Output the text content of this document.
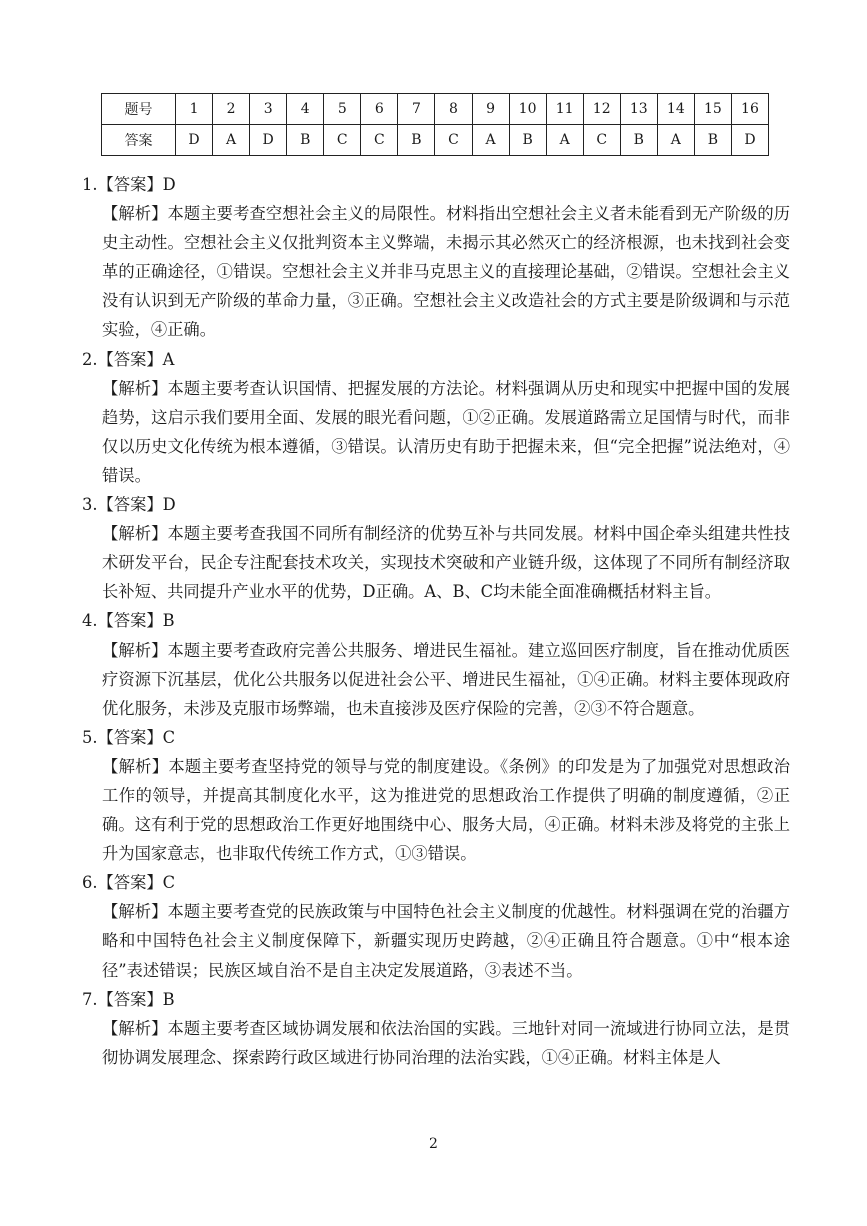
题号	1	2	3	4	5	6	7	8	9	10	11	12	13	14	15	16
答案	D	A	D	B	C	C	B	C	A	B	A	C	B	A	B	D

1.【答案】D

【解析】本题主要考查空想社会主义的局限性。材料指出空想社会主义者未能看到无产阶级的历史主动性。空想社会主义仅批判资本主义弊端，未揭示其必然灭亡的经济根源，也未找到社会变革的正确途径，①错误。空想社会主义并非马克思主义的直接理论基础，②错误。空想社会主义没有认识到无产阶级的革命力量，③正确。空想社会主义改造社会的方式主要是阶级调和与示范实验，④正确。

2.【答案】A

【解析】本题主要考查认识国情、把握发展的方法论。材料强调从历史和现实中把握中国的发展趋势，这启示我们要用全面、发展的眼光看问题，①②正确。发展道路需立足国情与时代，而非仅以历史文化传统为根本遵循，③错误。认清历史有助于把握未来，但“完全把握”说法绝对，④错误。

3.【答案】D

【解析】本题主要考查我国不同所有制经济的优势互补与共同发展。材料中国企牵头组建共性技术研发平台，民企专注配套技术攻关，实现技术突破和产业链升级，这体现了不同所有制经济取长补短、共同提升产业水平的优势，D正确。A、B、C均未能全面准确概括材料主旨。

4.【答案】B

【解析】本题主要考查政府完善公共服务、增进民生福祉。建立巡回医疗制度，旨在推动优质医疗资源下沉基层，优化公共服务以促进社会公平、增进民生福祉，①④正确。材料主要体现政府优化服务，未涉及克服市场弊端，也未直接涉及医疗保险的完善，②③不符合题意。

5.【答案】C

【解析】本题主要考查坚持党的领导与党的制度建设。《条例》的印发是为了加强党对思想政治工作的领导，并提高其制度化水平，这为推进党的思想政治工作提供了明确的制度遵循，②正确。这有利于党的思想政治工作更好地围绕中心、服务大局，④正确。材料未涉及将党的主张上升为国家意志，也非取代传统工作方式，①③错误。

6.【答案】C

【解析】本题主要考查党的民族政策与中国特色社会主义制度的优越性。材料强调在党的治疆方略和中国特色社会主义制度保障下，新疆实现历史跨越，②④正确且符合题意。①中“根本途径”表述错误；民族区域自治不是自主决定发展道路，③表述不当。

7.【答案】B

【解析】本题主要考查区域协调发展和依法治国的实践。三地针对同一流域进行协同立法，是贯彻协调发展理念、探索跨行政区域进行协同治理的法治实践，①④正确。材料主体是人

2
